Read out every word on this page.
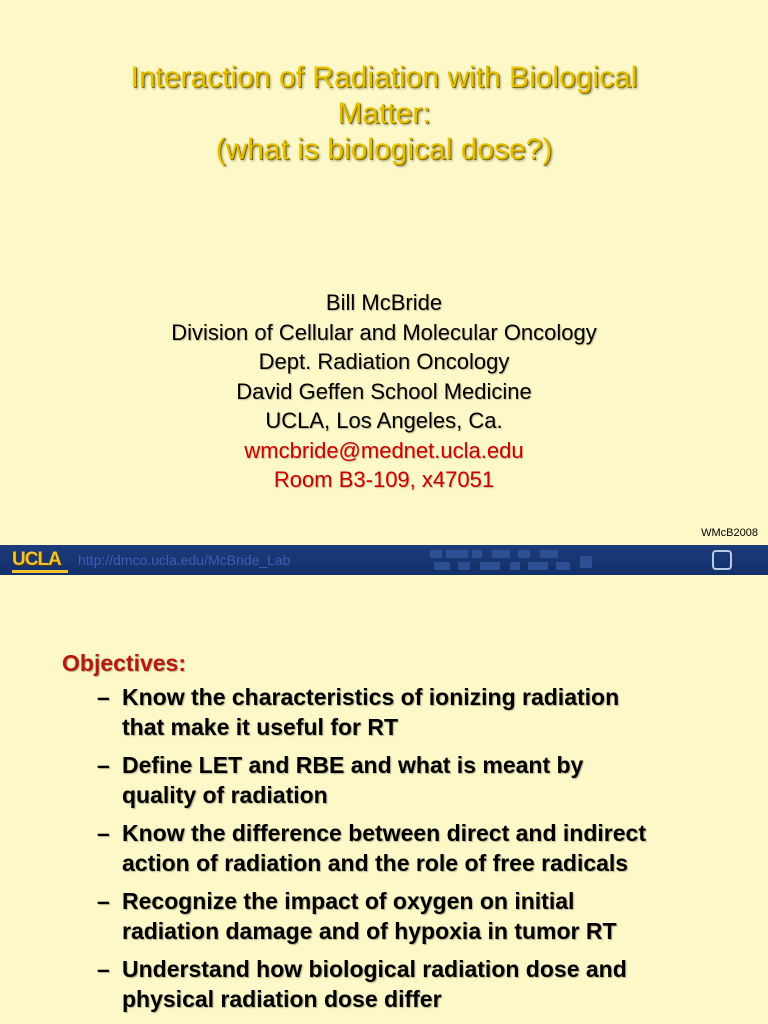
Interaction of Radiation with Biological
Matter:
(what is biological dose?)
Bill McBride
Division of Cellular and Molecular Oncology
Dept. Radiation Oncology
David Geffen School Medicine
UCLA, Los Angeles, Ca.
wmcbride@mednet.ucla.edu
Room B3-109, x47051
WMcB2008
UCLA	http://dmco.ucla.edu/McBride_Lab
Objectives:
– Know the characteristics of ionizing radiation
that make it useful for RT
– Define LET and RBE and what is meant by
quality of radiation
– Know the difference between direct and indirect
action of radiation and the role of free radicals
– Recognize the impact of oxygen on initial
radiation damage and of hypoxia in tumor RT
– Understand how biological radiation dose and
physical radiation dose differ
